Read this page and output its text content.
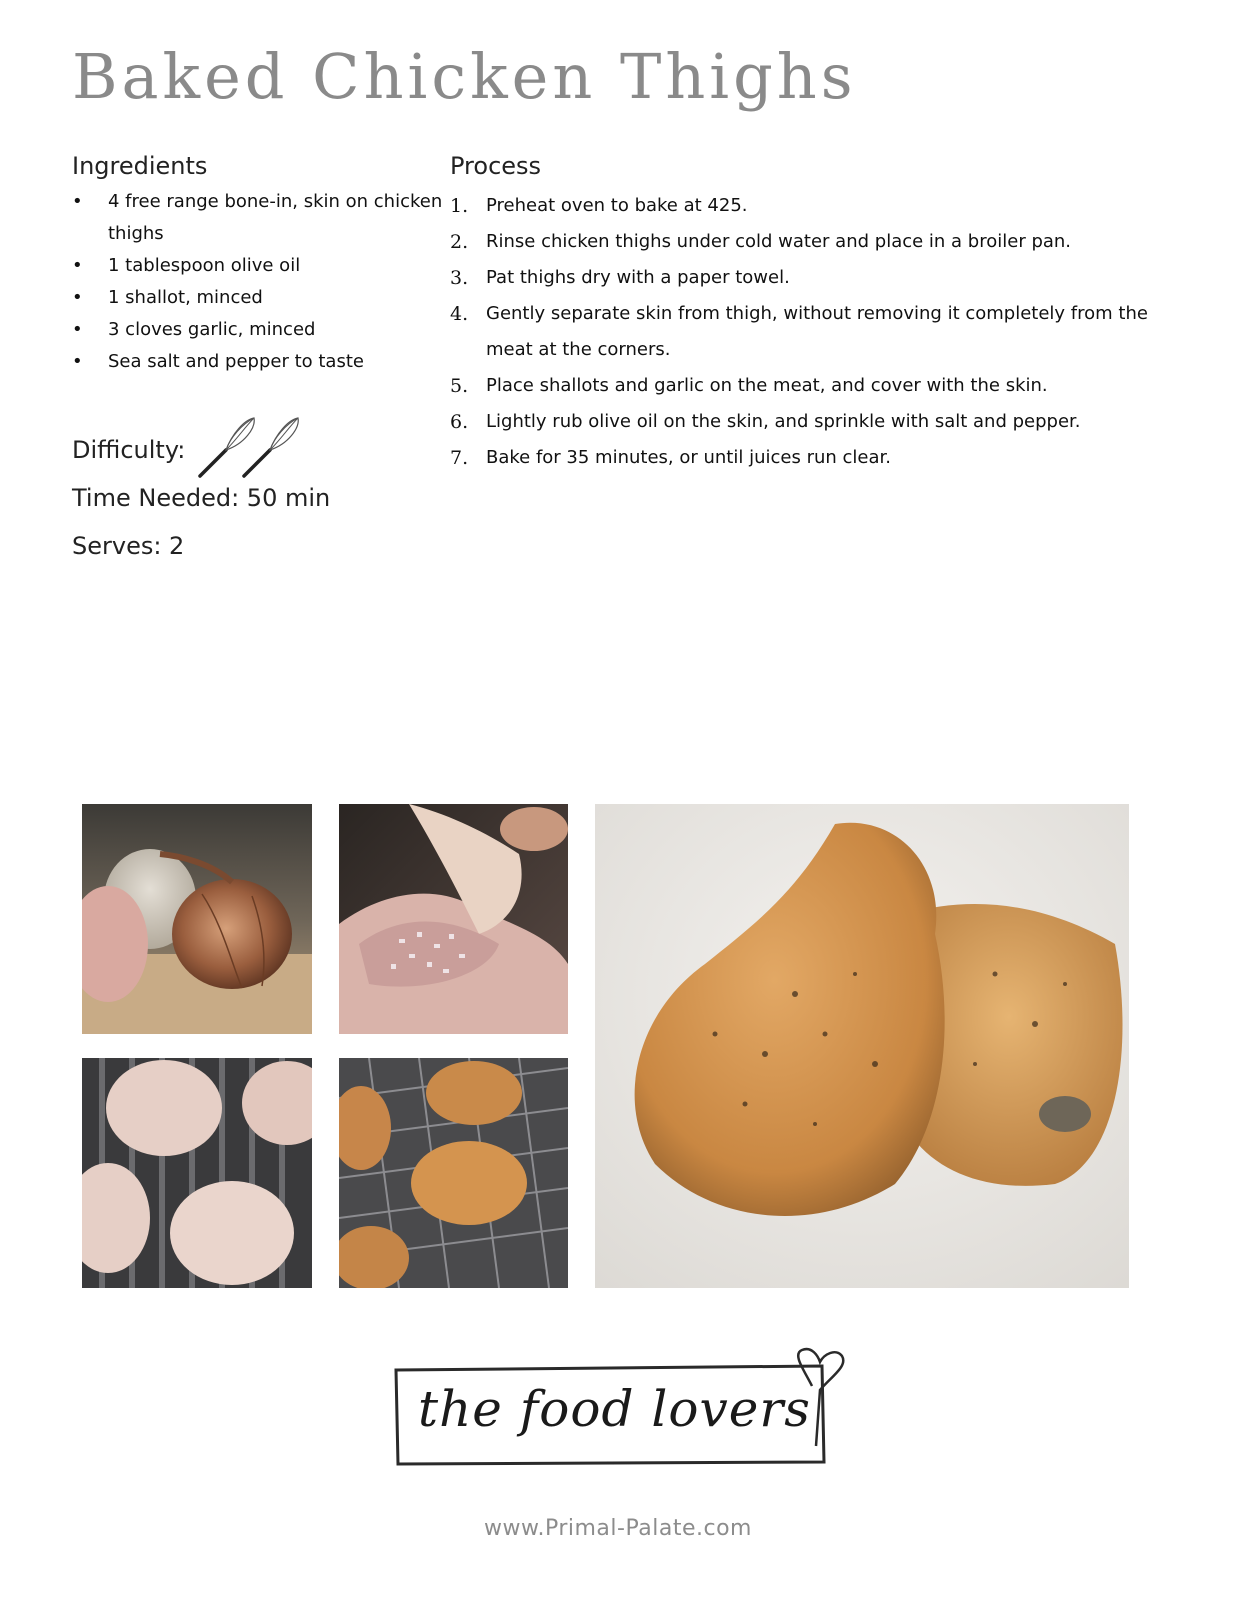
Baked Chicken Thighs
Ingredients
• 4 free range bone-in, skin on chicken thighs
• 1 tablespoon olive oil
• 1 shallot, minced
• 3 cloves garlic, minced
• Sea salt and pepper to taste
Difficulty:
Time Needed: 50 min
Serves: 2
Process
1. Preheat oven to bake at 425.
2. Rinse chicken thighs under cold water and place in a broiler pan.
3. Pat thighs dry with a paper towel.
4. Gently separate skin from thigh, without removing it completely from the meat at the corners.
5. Place shallots and garlic on the meat, and cover with the skin.
6. Lightly rub olive oil on the skin, and sprinkle with salt and pepper.
7. Bake for 35 minutes, or until juices run clear.
the food lovers
www.Primal-Palate.com
